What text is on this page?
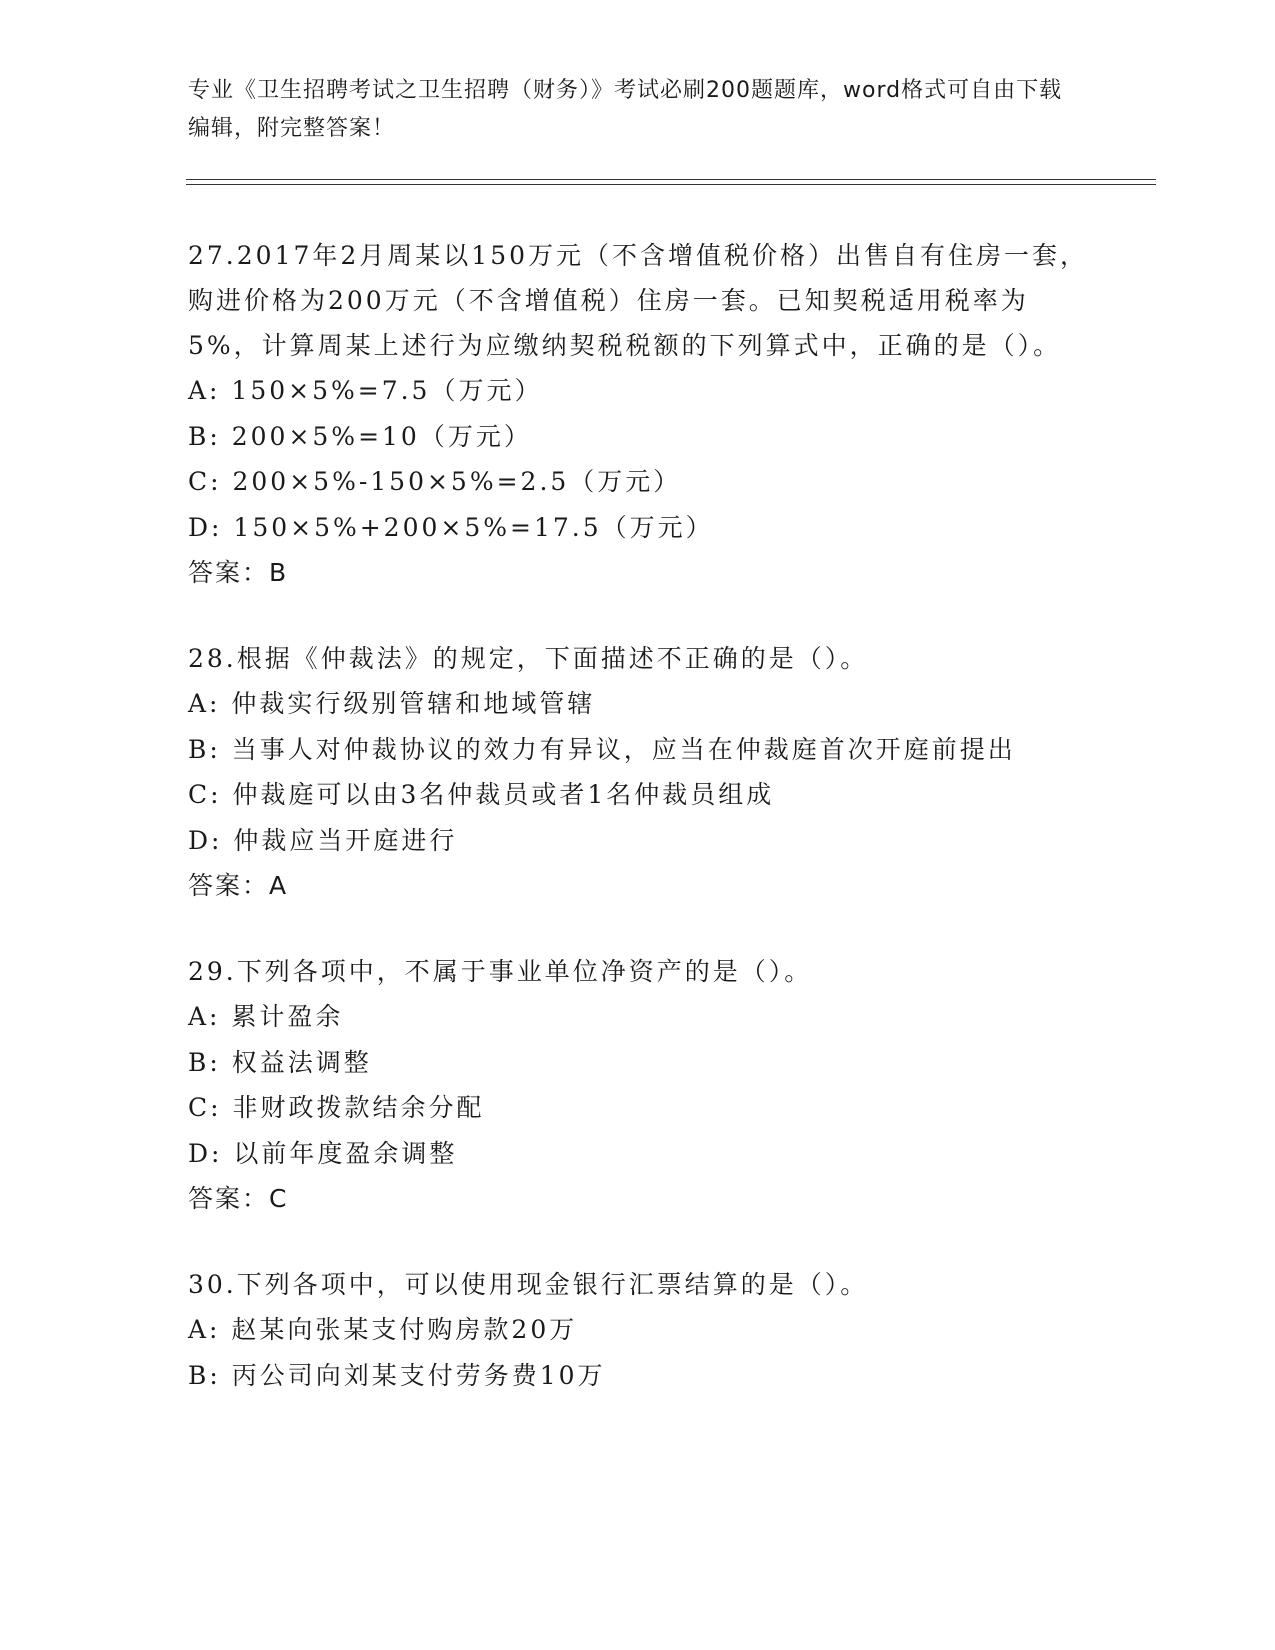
专业《卫生招聘考试之卫生招聘（财务）》考试必刷200题题库，word格式可自由下载编辑，附完整答案！

27.2017年2月周某以150万元（不含增值税价格）出售自有住房一套，购进价格为200万元（不含增值税）住房一套。已知契税适用税率为5%，计算周某上述行为应缴纳契税税额的下列算式中，正确的是（）。

A: 150×5%=7.5（万元）

B: 200×5%=10（万元）

C: 200×5%-150×5%=2.5（万元）

D: 150×5%+200×5%=17.5（万元）

答案：B

28.根据《仲裁法》的规定，下面描述不正确的是（）。

A: 仲裁实行级别管辖和地域管辖

B: 当事人对仲裁协议的效力有异议，应当在仲裁庭首次开庭前提出

C: 仲裁庭可以由3名仲裁员或者1名仲裁员组成

D: 仲裁应当开庭进行

答案：A

29.下列各项中，不属于事业单位净资产的是（）。

A: 累计盈余

B: 权益法调整

C: 非财政拨款结余分配

D: 以前年度盈余调整

答案：C

30.下列各项中，可以使用现金银行汇票结算的是（）。

A: 赵某向张某支付购房款20万

B: 丙公司向刘某支付劳务费10万
